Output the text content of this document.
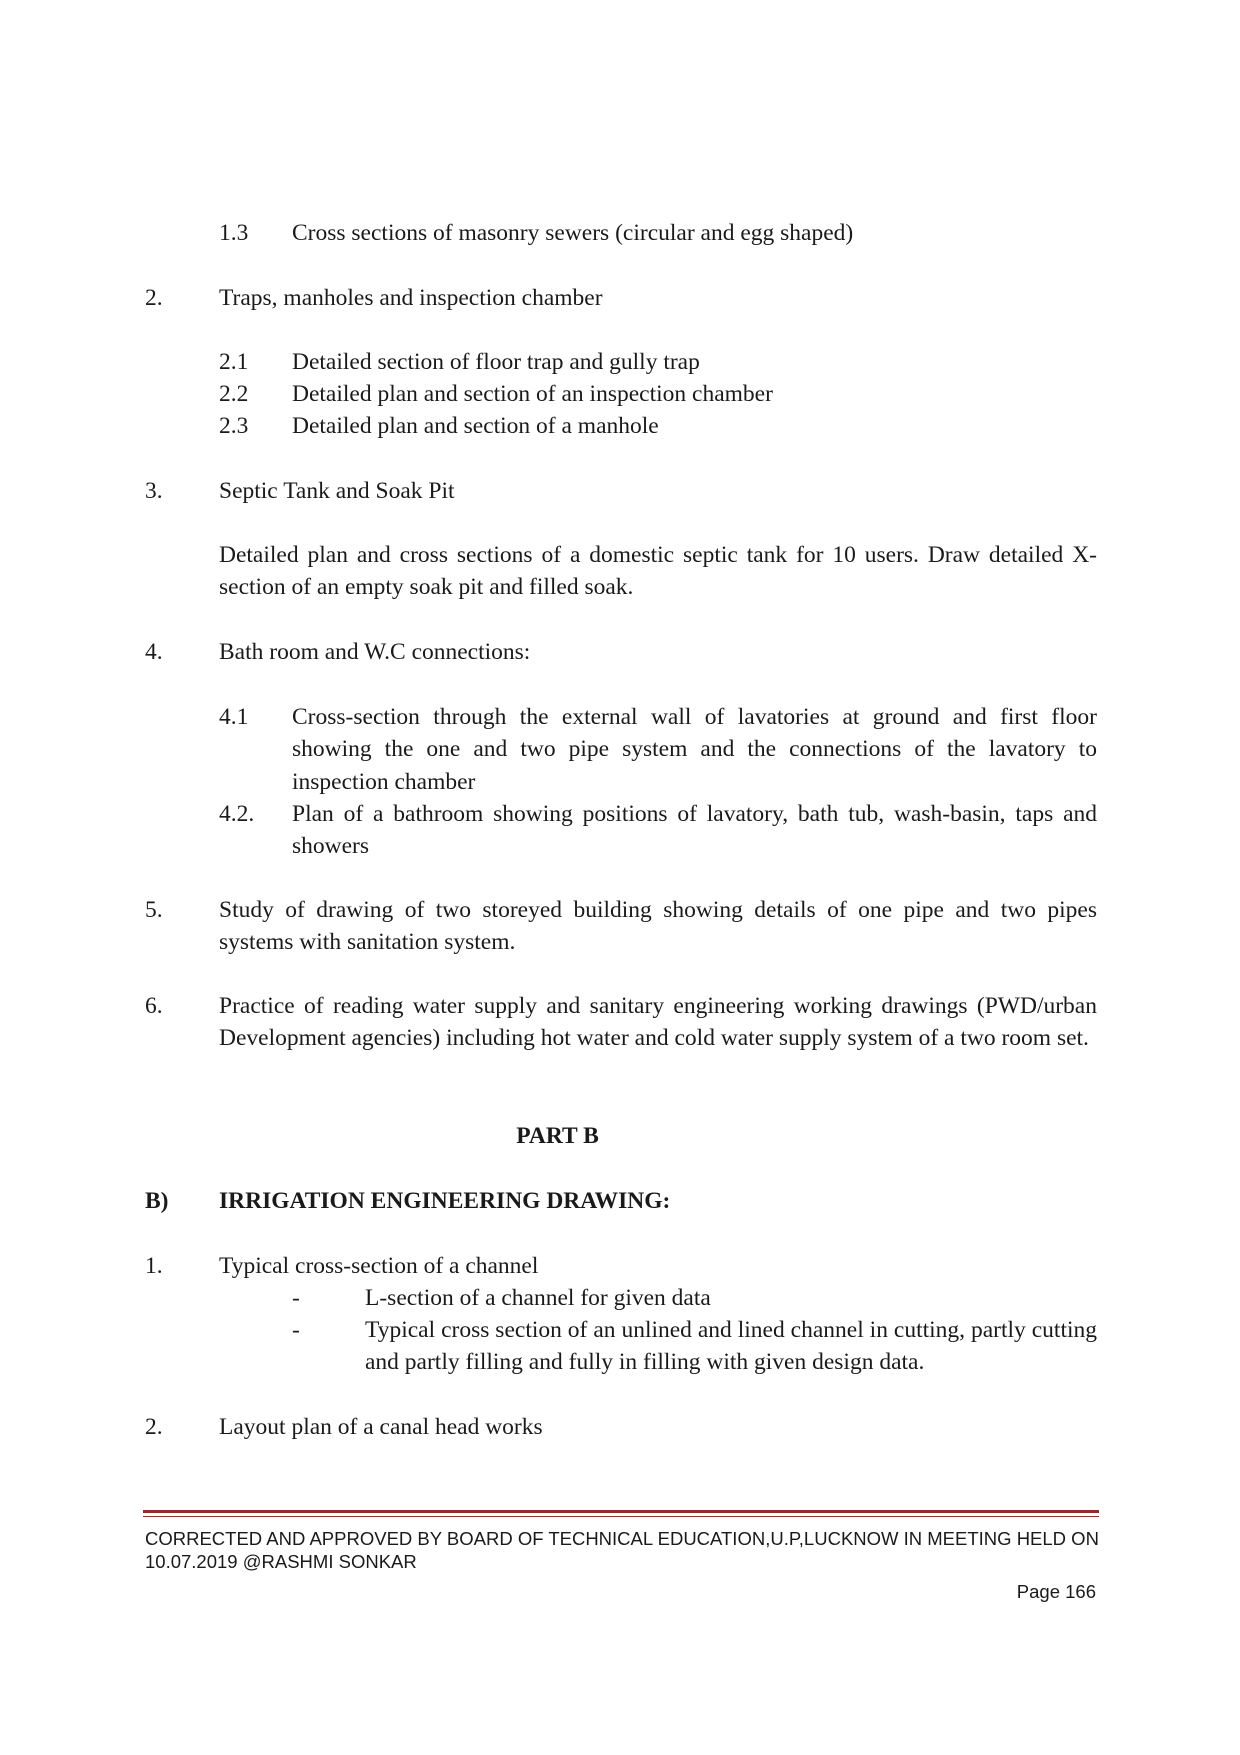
1.3 Cross sections of masonry sewers (circular and egg shaped)
2. Traps, manholes and inspection chamber
2.1 Detailed section of floor trap and gully trap
2.2 Detailed plan and section of an inspection chamber
2.3 Detailed plan and section of a manhole
3. Septic Tank and Soak Pit
Detailed plan and cross sections of a domestic septic tank for 10 users. Draw detailed X-section of an empty soak pit and filled soak.
4. Bath room and W.C connections:
4.1 Cross-section through the external wall of lavatories at ground and first floor showing the one and two pipe system and the connections of the lavatory to inspection chamber
4.2. Plan of a bathroom showing positions of lavatory, bath tub, wash-basin, taps and showers
5. Study of drawing of two storeyed building showing details of one pipe and two pipes systems with sanitation system.
6. Practice of reading water supply and sanitary engineering working drawings (PWD/urban Development agencies) including hot water and cold water supply system of a two room set.
PART B
B) IRRIGATION ENGINEERING DRAWING:
1. Typical cross-section of a channel
-	L-section of a channel for given data
-	Typical cross section of an unlined and lined channel in cutting, partly cutting and partly filling and fully in filling with given design data.
2. Layout plan of a canal head works
CORRECTED AND APPROVED BY BOARD OF TECHNICAL EDUCATION,U.P,LUCKNOW IN MEETING HELD ON
10.07.2019 @RASHMI SONKAR
Page 166
